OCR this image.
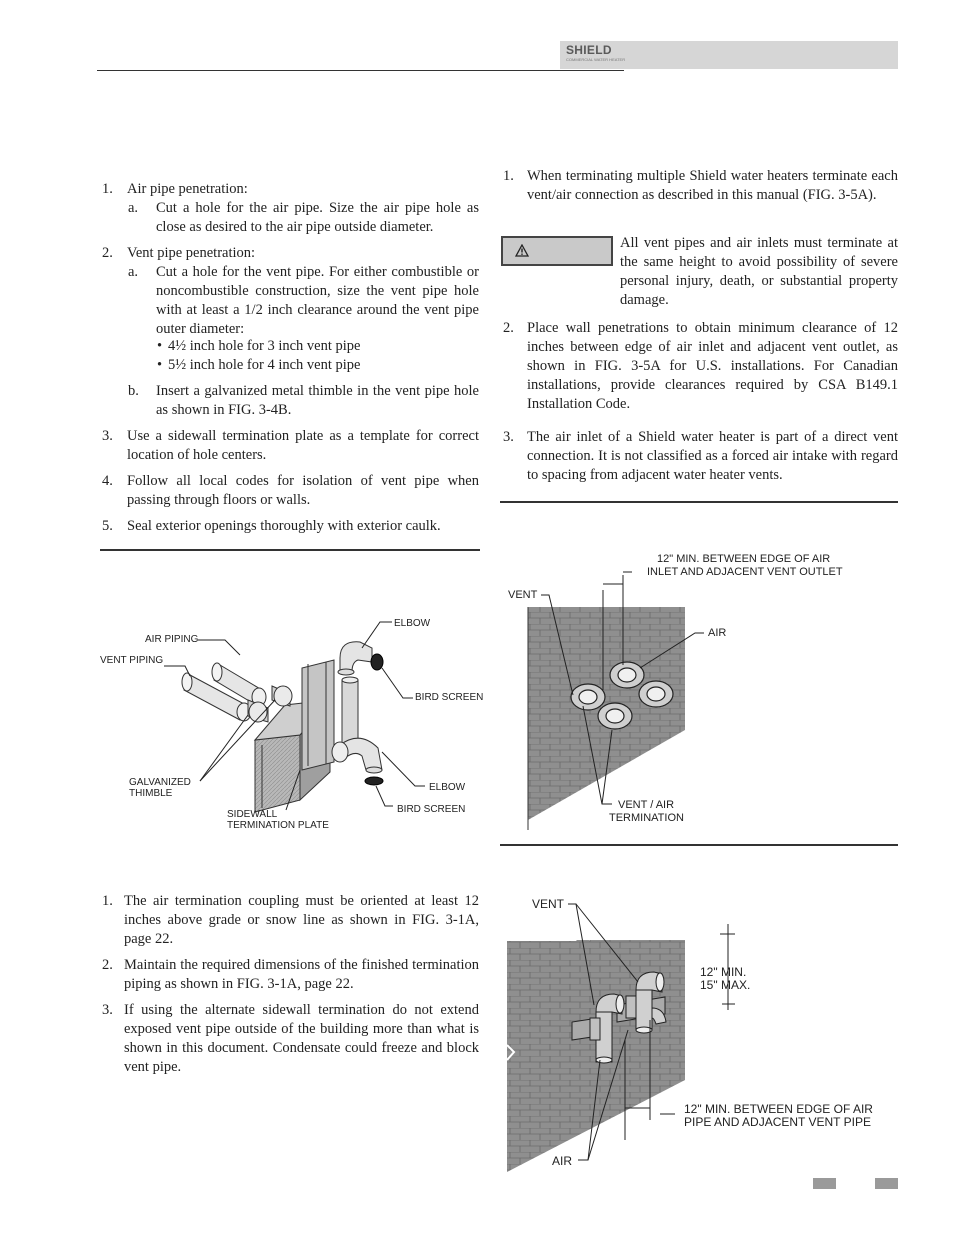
SHIELD
COMMERCIAL WATER HEATER
1. Air pipe penetration:
a. Cut a hole for the air pipe. Size the air pipe hole as close as desired to the air pipe outside diameter.
2. Vent pipe penetration:
a. Cut a hole for the vent pipe. For either combustible or noncombustible construction, size the vent pipe hole with at least a 1/2 inch clearance around the vent pipe outer diameter:
• 4½ inch hole for 3 inch vent pipe
• 5½ inch hole for 4 inch vent pipe
b. Insert a galvanized metal thimble in the vent pipe hole as shown in FIG. 3-4B.
3. Use a sidewall termination plate as a template for correct location of hole centers.
4. Follow all local codes for isolation of vent pipe when passing through floors or walls.
5. Seal exterior openings thoroughly with exterior caulk.
ELBOW
AIR PIPING
VENT PIPING
BIRD SCREEN
GALVANIZED
THIMBLE
ELBOW
SIDEWALL
TERMINATION PLATE
BIRD SCREEN
1. The air termination coupling must be oriented at least 12 inches above grade or snow line as shown in FIG. 3-1A, page 22.
2. Maintain the required dimensions of the finished termination piping as shown in FIG. 3-1A, page 22.
3. If using the alternate sidewall termination do not extend exposed vent pipe outside of the building more than what is shown in this document. Condensate could freeze and block vent pipe.
1. When terminating multiple Shield water heaters terminate each vent/air connection as described in this manual (FIG. 3-5A).
All vent pipes and air inlets must terminate at the same height to avoid possibility of severe personal injury, death, or substantial property damage.
2. Place wall penetrations to obtain minimum clearance of 12 inches between edge of air inlet and adjacent vent outlet, as shown in FIG. 3-5A for U.S. installations. For Canadian installations, provide clearances required by CSA B149.1 Installation Code.
3. The air inlet of a Shield water heater is part of a direct vent connection. It is not classified as a forced air intake with regard to spacing from adjacent water heater vents.
12" MIN. BETWEEN EDGE OF AIR
INLET AND ADJACENT VENT OUTLET
VENT
AIR
VENT / AIR
TERMINATION
VENT
12" MIN.
15" MAX.
12" MIN. BETWEEN EDGE OF AIR
PIPE AND ADJACENT VENT PIPE
AIR
